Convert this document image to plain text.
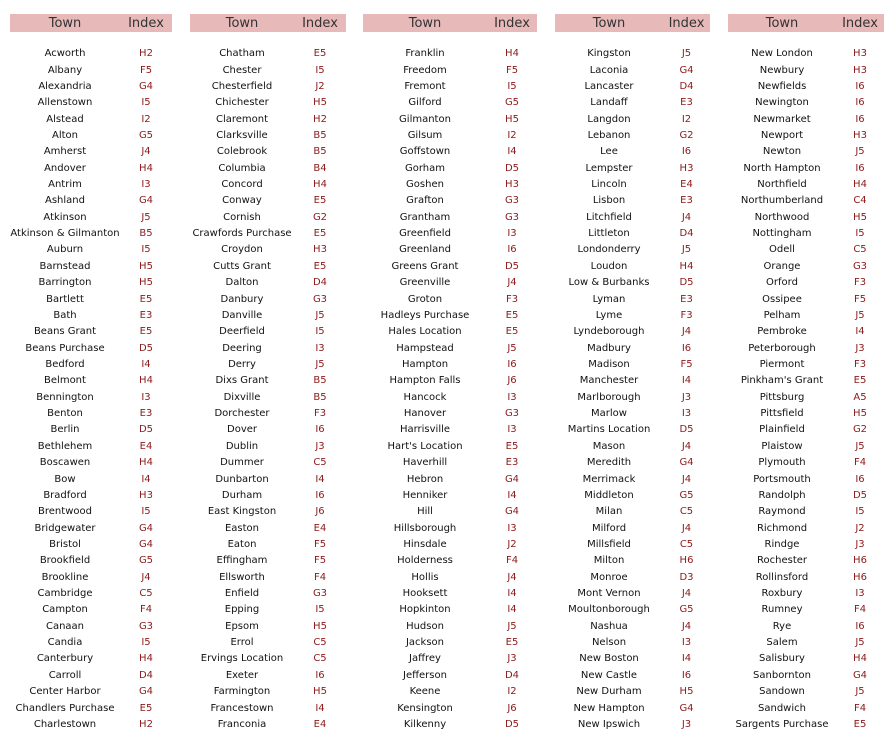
Town	Index
Acworth	H2
Albany	F5
Alexandria	G4
Allenstown	I5
Alstead	I2
Alton	G5
Amherst	J4
Andover	H4
Antrim	I3
Ashland	G4
Atkinson	J5
Atkinson & Gilmanton	B5
Auburn	I5
Barnstead	H5
Barrington	H5
Bartlett	E5
Bath	E3
Beans Grant	E5
Beans Purchase	D5
Bedford	I4
Belmont	H4
Bennington	I3
Benton	E3
Berlin	D5
Bethlehem	E4
Boscawen	H4
Bow	I4
Bradford	H3
Brentwood	I5
Bridgewater	G4
Bristol	G4
Brookfield	G5
Brookline	J4
Cambridge	C5
Campton	F4
Canaan	G3
Candia	I5
Canterbury	H4
Carroll	D4
Center Harbor	G4
Chandlers Purchase	E5
Charlestown	H2
Town	Index
Chatham	E5
Chester	I5
Chesterfield	J2
Chichester	H5
Claremont	H2
Clarksville	B5
Colebrook	B5
Columbia	B4
Concord	H4
Conway	E5
Cornish	G2
Crawfords Purchase	E5
Croydon	H3
Cutts Grant	E5
Dalton	D4
Danbury	G3
Danville	J5
Deerfield	I5
Deering	I3
Derry	J5
Dixs Grant	B5
Dixville	B5
Dorchester	F3
Dover	I6
Dublin	J3
Dummer	C5
Dunbarton	I4
Durham	I6
East Kingston	J6
Easton	E4
Eaton	F5
Effingham	F5
Ellsworth	F4
Enfield	G3
Epping	I5
Epsom	H5
Errol	C5
Ervings Location	C5
Exeter	I6
Farmington	H5
Francestown	I4
Franconia	E4
Town	Index
Franklin	H4
Freedom	F5
Fremont	I5
Gilford	G5
Gilmanton	H5
Gilsum	I2
Goffstown	I4
Gorham	D5
Goshen	H3
Grafton	G3
Grantham	G3
Greenfield	I3
Greenland	I6
Greens Grant	D5
Greenville	J4
Groton	F3
Hadleys Purchase	E5
Hales Location	E5
Hampstead	J5
Hampton	I6
Hampton Falls	J6
Hancock	I3
Hanover	G3
Harrisville	I3
Hart's Location	E5
Haverhill	E3
Hebron	G4
Henniker	I4
Hill	G4
Hillsborough	I3
Hinsdale	J2
Holderness	F4
Hollis	J4
Hooksett	I4
Hopkinton	I4
Hudson	J5
Jackson	E5
Jaffrey	J3
Jefferson	D4
Keene	I2
Kensington	J6
Kilkenny	D5
Town	Index
Kingston	J5
Laconia	G4
Lancaster	D4
Landaff	E3
Langdon	I2
Lebanon	G2
Lee	I6
Lempster	H3
Lincoln	E4
Lisbon	E3
Litchfield	J4
Littleton	D4
Londonderry	J5
Loudon	H4
Low & Burbanks	D5
Lyman	E3
Lyme	F3
Lyndeborough	J4
Madbury	I6
Madison	F5
Manchester	I4
Marlborough	J3
Marlow	I3
Martins Location	D5
Mason	J4
Meredith	G4
Merrimack	J4
Middleton	G5
Milan	C5
Milford	J4
Millsfield	C5
Milton	H6
Monroe	D3
Mont Vernon	J4
Moultonborough	G5
Nashua	J4
Nelson	I3
New Boston	I4
New Castle	I6
New Durham	H5
New Hampton	G4
New Ipswich	J3
Town	Index
New London	H3
Newbury	H3
Newfields	I6
Newington	I6
Newmarket	I6
Newport	H3
Newton	J5
North Hampton	I6
Northfield	H4
Northumberland	C4
Northwood	H5
Nottingham	I5
Odell	C5
Orange	G3
Orford	F3
Ossipee	F5
Pelham	J5
Pembroke	I4
Peterborough	J3
Piermont	F3
Pinkham's Grant	E5
Pittsburg	A5
Pittsfield	H5
Plainfield	G2
Plaistow	J5
Plymouth	F4
Portsmouth	I6
Randolph	D5
Raymond	I5
Richmond	J2
Rindge	J3
Rochester	H6
Rollinsford	H6
Roxbury	I3
Rumney	F4
Rye	I6
Salem	J5
Salisbury	H4
Sanbornton	G4
Sandown	J5
Sandwich	F4
Sargents Purchase	E5
